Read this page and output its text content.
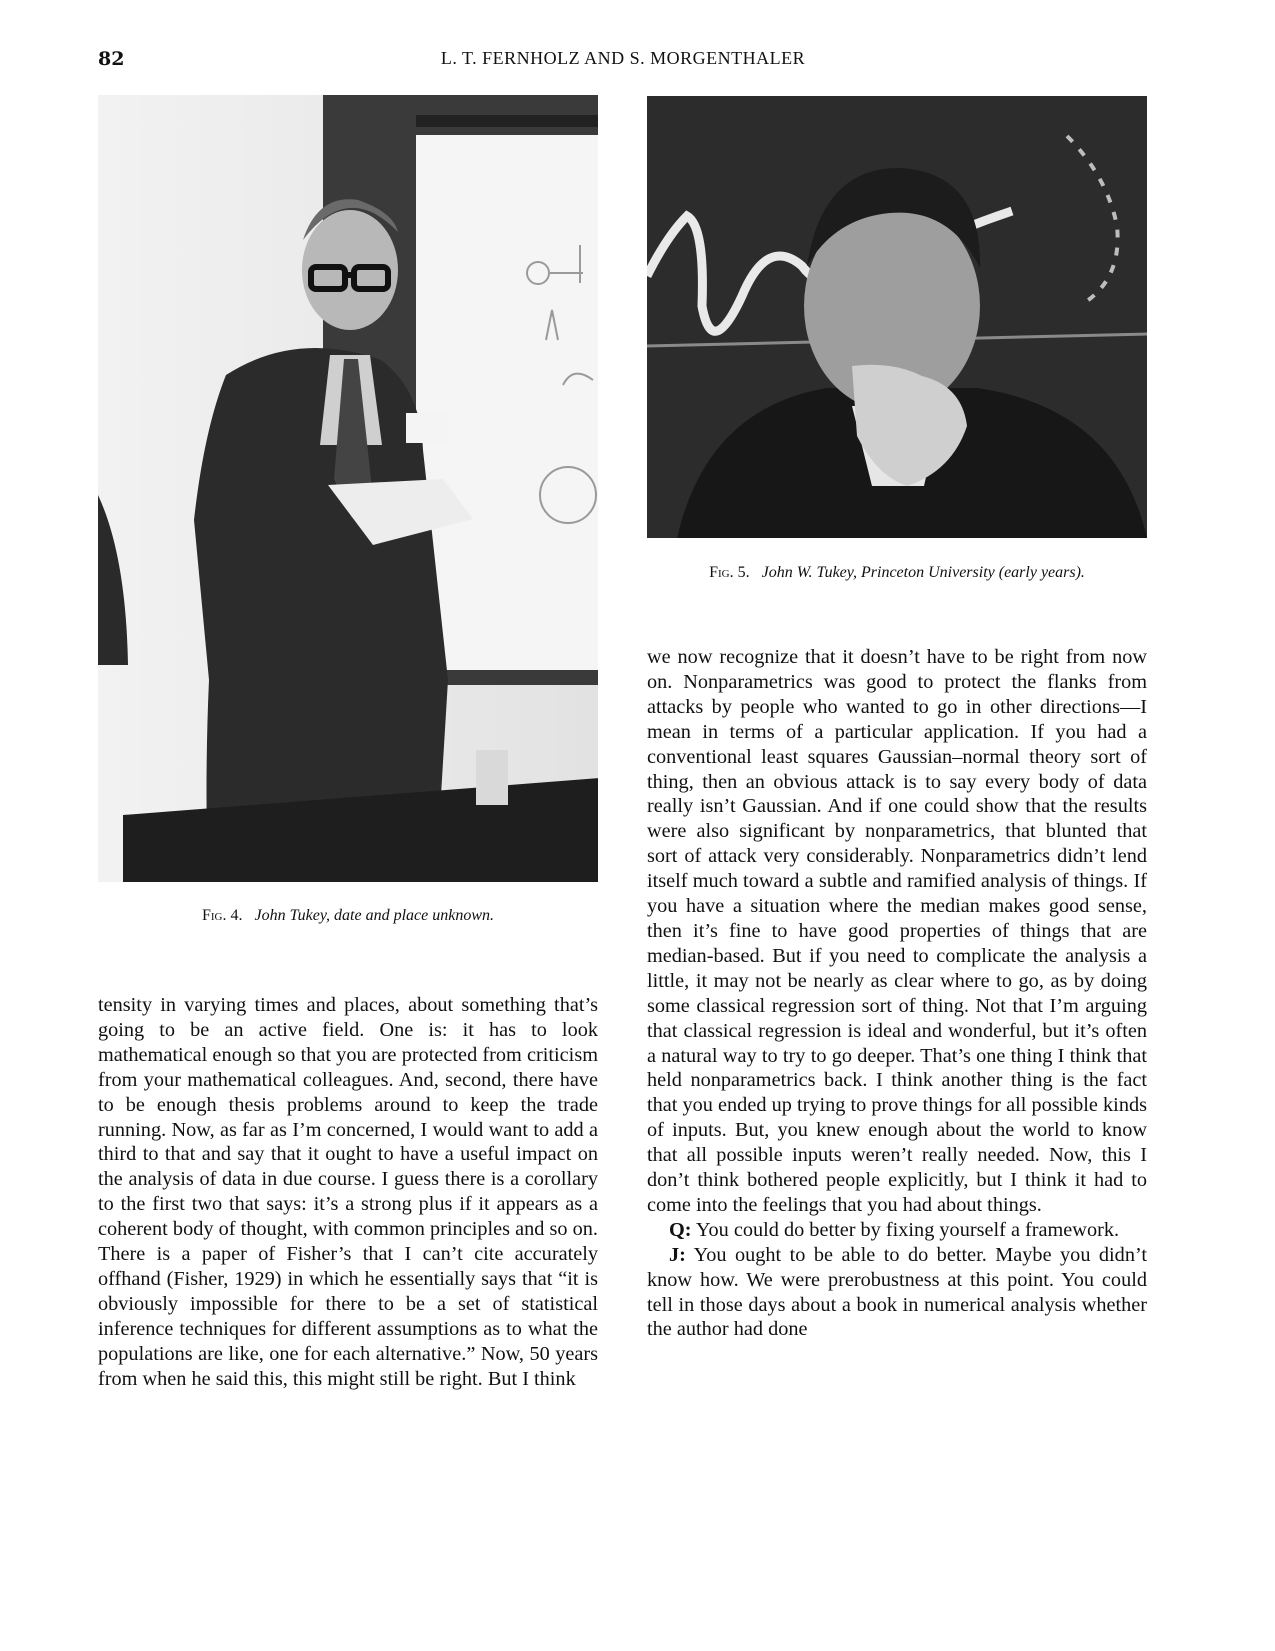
82	L. T. FERNHOLZ AND S. MORGENTHALER
Fig. 4. John Tukey, date and place unknown.
Fig. 5. John W. Tukey, Princeton University (early years).

tensity in varying times and places, about something that’s going to be an active field. One is: it has to look mathematical enough so that you are protected from criticism from your mathematical colleagues. And, second, there have to be enough thesis problems around to keep the trade running. Now, as far as I’m concerned, I would want to add a third to that and say that it ought to have a useful impact on the analysis of data in due course. I guess there is a corollary to the first two that says: it’s a strong plus if it appears as a coherent body of thought, with common principles and so on. There is a paper of Fisher’s that I can’t cite accurately offhand (Fisher, 1929) in which he essentially says that “it is obviously impossible for there to be a set of statistical inference techniques for different assumptions as to what the populations are like, one for each alternative.” Now, 50 years from when he said this, this might still be right. But I think

we now recognize that it doesn’t have to be right from now on. Nonparametrics was good to protect the flanks from attacks by people who wanted to go in other directions—I mean in terms of a particular application. If you had a conventional least squares Gaussian–normal theory sort of thing, then an obvious attack is to say every body of data really isn’t Gaussian. And if one could show that the results were also significant by nonparametrics, that blunted that sort of attack very considerably. Nonparametrics didn’t lend itself much toward a subtle and ramified analysis of things. If you have a situation where the median makes good sense, then it’s fine to have good properties of things that are median-based. But if you need to complicate the analysis a little, it may not be nearly as clear where to go, as by doing some classical regression sort of thing. Not that I’m arguing that classical regression is ideal and wonderful, but it’s often a natural way to try to go deeper. That’s one thing I think that held nonparametrics back. I think another thing is the fact that you ended up trying to prove things for all possible kinds of inputs. But, you knew enough about the world to know that all possible inputs weren’t really needed. Now, this I don’t think bothered people explicitly, but I think it had to come into the feelings that you had about things.

Q: You could do better by fixing yourself a framework.

J: You ought to be able to do better. Maybe you didn’t know how. We were prerobustness at this point. You could tell in those days about a book in numerical analysis whether the author had done
